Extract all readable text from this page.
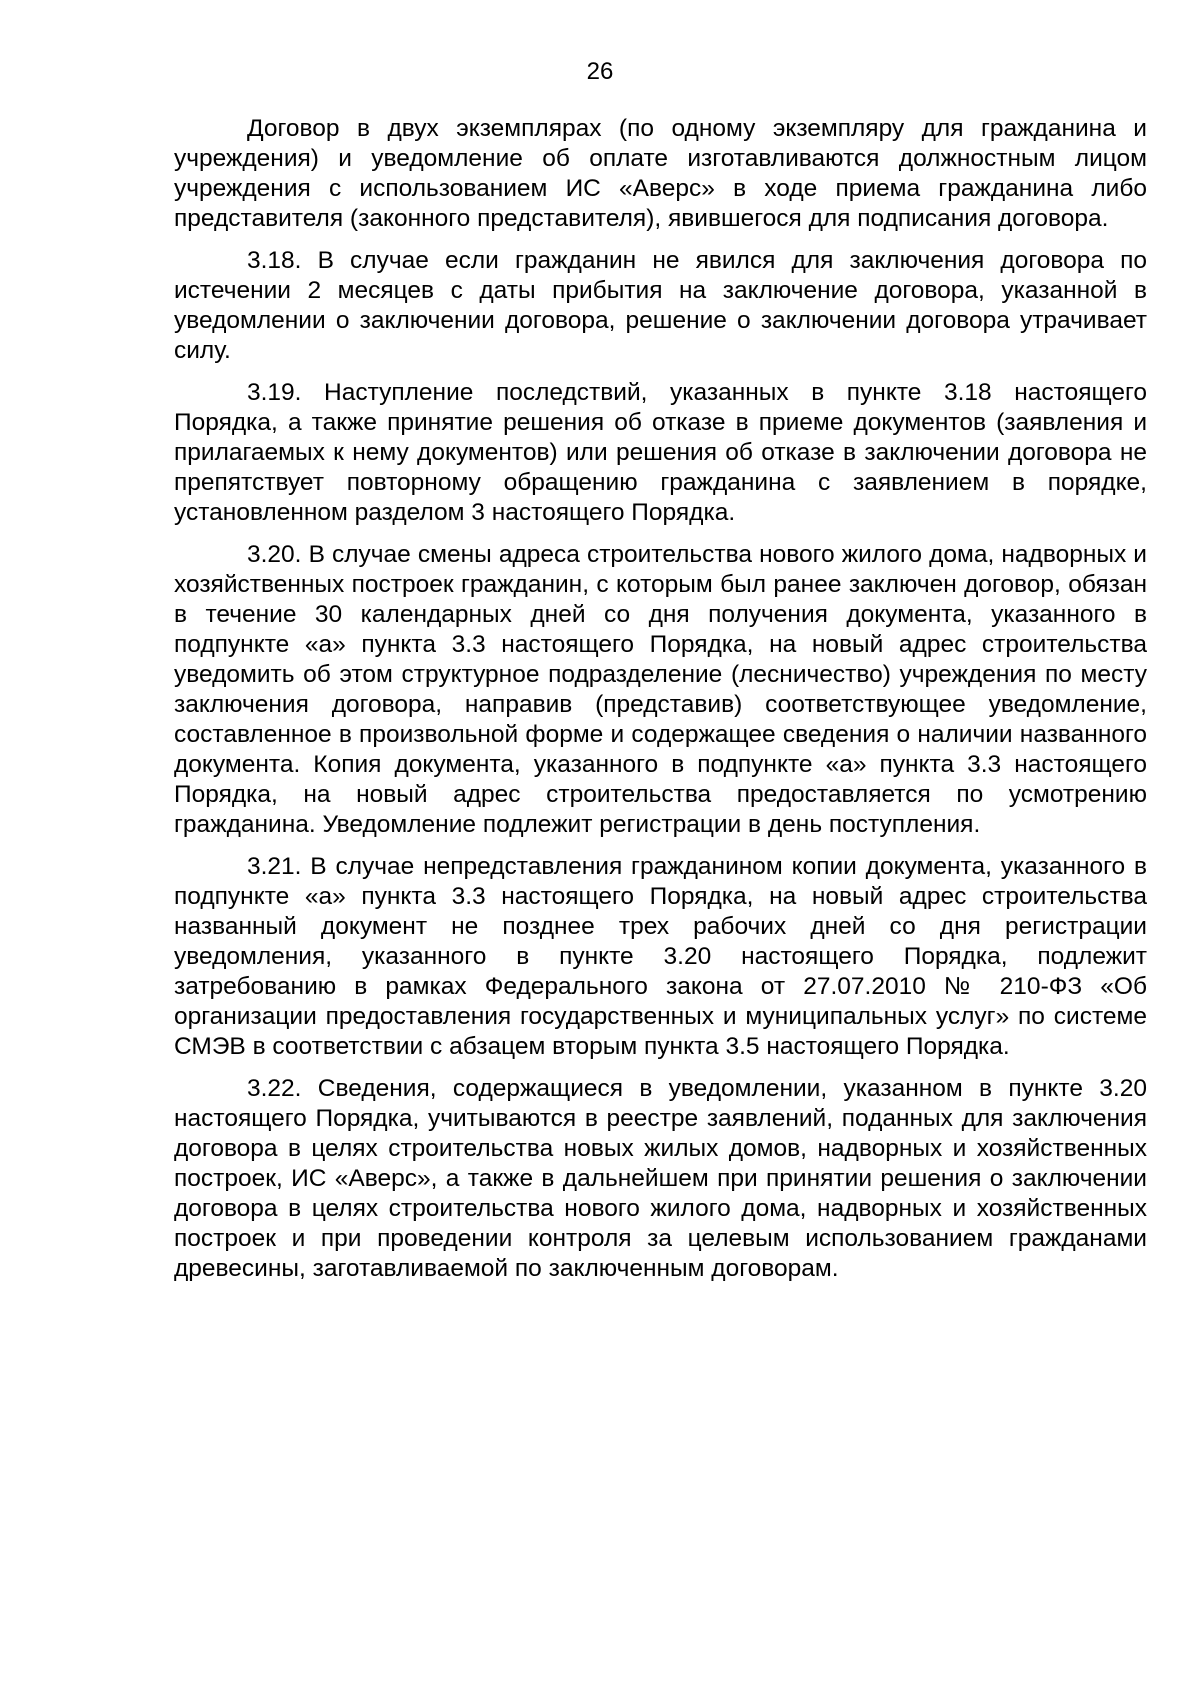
26

Договор в двух экземплярах (по одному экземпляру для гражданина и учреждения) и уведомление об оплате изготавливаются должностным лицом учреждения с использованием ИС «Аверс» в ходе приема гражданина либо представителя (законного представителя), явившегося для подписания договора.

3.18. В случае если гражданин не явился для заключения договора по истечении 2 месяцев с даты прибытия на заключение договора, указанной в уведомлении о заключении договора, решение о заключении договора утрачивает силу.

3.19. Наступление последствий, указанных в пункте 3.18 настоящего Порядка, а также принятие решения об отказе в приеме документов (заявления и прилагаемых к нему документов) или решения об отказе в заключении договора не препятствует повторному обращению гражданина с заявлением в порядке, установленном разделом 3 настоящего Порядка.

3.20. В случае смены адреса строительства нового жилого дома, надворных и хозяйственных построек гражданин, с которым был ранее заключен договор, обязан в течение 30 календарных дней со дня получения документа, указанного в подпункте «а» пункта 3.3 настоящего Порядка, на новый адрес строительства уведомить об этом структурное подразделение (лесничество) учреждения по месту заключения договора, направив (представив) соответствующее уведомление, составленное в произвольной форме и содержащее сведения о наличии названного документа. Копия документа, указанного в подпункте «а» пункта 3.3 настоящего Порядка, на новый адрес строительства предоставляется по усмотрению гражданина. Уведомление подлежит регистрации в день поступления.

3.21. В случае непредставления гражданином копии документа, указанного в подпункте «а» пункта 3.3 настоящего Порядка, на новый адрес строительства названный документ не позднее трех рабочих дней со дня регистрации уведомления, указанного в пункте 3.20 настоящего Порядка, подлежит затребованию в рамках Федерального закона от 27.07.2010 № 210-ФЗ «Об организации предоставления государственных и муниципальных услуг» по системе СМЭВ в соответствии с абзацем вторым пункта 3.5 настоящего Порядка.

3.22. Сведения, содержащиеся в уведомлении, указанном в пункте 3.20 настоящего Порядка, учитываются в реестре заявлений, поданных для заключения договора в целях строительства новых жилых домов, надворных и хозяйственных построек, ИС «Аверс», а также в дальнейшем при принятии решения о заключении договора в целях строительства нового жилого дома, надворных и хозяйственных построек и при проведении контроля за целевым использованием гражданами древесины, заготавливаемой по заключенным договорам.
